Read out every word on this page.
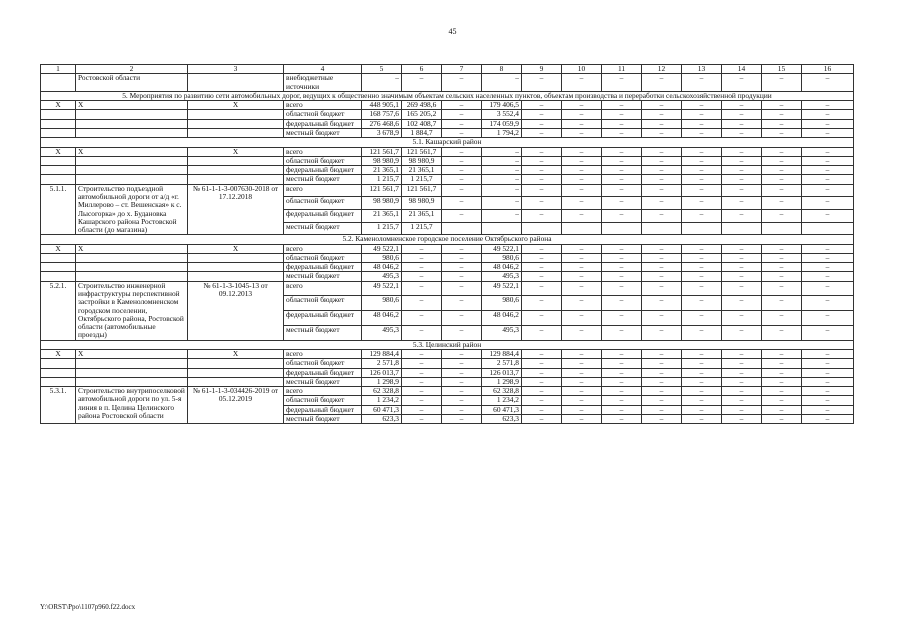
45
1	2	3	4	5	6	7	8	9	10	11	12	13	14	15	16
	Ростовской области		внебюджетные источники	–	–	–	–	–	–	–	–	–	–	–	–
5. Мероприятия по развитию сети автомобильных дорог, ведущих к общественно значимым объектам сельских населенных пунктов, объектам производства и переработки сельскохозяйственной продукции															
X	X	X	всего	448 905,1	269 498,6	–	179 406,5	–	–	–	–	–	–	–	–
			областной бюджет	168 757,6	165 205,2	–	3 552,4	–	–	–	–	–	–	–	–
			федеральный бюджет	276 468,6	102 408,7	–	174 059,9	–	–	–	–	–	–	–	–
			местный бюджет	3 678,9	1 884,7	–	1 794,2	–	–	–	–	–	–	–	–
5.1. Кашарский район															
X	X	X	всего	121 561,7	121 561,7	–	–	–	–	–	–	–	–	–	–
			областной бюджет	98 980,9	98 980,9	–	–	–	–	–	–	–	–	–	–
			федеральный бюджет	21 365,1	21 365,1	–	–	–	–	–	–	–	–	–	–
			местный бюджет	1 215,7	1 215,7	–	–	–	–	–	–	–	–	–	–
5.1.1.	Строительство подъездной автомобильной дороги от а/д «г. Миллерово – ст. Вешенская» к с. Лысогорка» до х. Будановка Кашарского района Ростовской области (до магазина)	№ 61-1-1-3-007630-2018 от 17.12.2018	всего	121 561,7	121 561,7	–	–	–	–	–	–	–	–	–	–
			областной бюджет	98 980,9	98 980,9	–	–	–	–	–	–	–	–	–	–
			федеральный бюджет	21 365,1	21 365,1	–	–	–	–	–	–	–	–	–	–
			местный бюджет	1 215,7	1 215,7										
5.2. Каменоломненское городское поселение Октябрьского района															
X	X	X	всего	49 522,1	–	–	49 522,1	–	–	–	–	–	–	–	–
			областной бюджет	980,6	–	–	980,6	–	–	–	–	–	–	–	–
			федеральный бюджет	48 046,2	–	–	48 046,2	–	–	–	–	–	–	–	–
			местный бюджет	495,3	–	–	495,3	–	–	–	–	–	–	–	–
5.2.1.	Строительство инженерной инфраструктуры перспективной застройки в Каменоломненском городском поселении, Октябрьского района, Ростовской области (автомобильные проезды)	№ 61-1-3-1045-13 от 09.12.2013	всего	49 522,1	–	–	49 522,1	–	–	–	–	–	–	–	–
			областной бюджет	980,6	–	–	980,6	–	–	–	–	–	–	–	–
			федеральный бюджет	48 046,2	–	–	48 046,2	–	–	–	–	–	–	–	–
			местный бюджет	495,3	–	–	495,3	–	–	–	–	–	–	–	–
5.3. Целинский район															
X	X	X	всего	129 884,4	–	–	129 884,4	–	–	–	–	–	–	–	–
			областной бюджет	2 571,8	–	–	2 571,8	–	–	–	–	–	–	–	–
			федеральный бюджет	126 013,7	–	–	126 013,7	–	–	–	–	–	–	–	–
			местный бюджет	1 298,9	–	–	1 298,9	–	–	–	–	–	–	–	–
5.3.1.	Строительство внутрипоселковой автомобильной дороги по ул. 5-я линия в п. Целина Целинского района Ростовской области	№ 61-1-1-3-034426-2019 от 05.12.2019	всего	62 328,8	–	–	62 328,8	–	–	–	–	–	–	–	–
			областной бюджет	1 234,2	–	–	1 234,2	–	–	–	–	–	–	–	–
			федеральный бюджет	60 471,3	–	–	60 471,3	–	–	–	–	–	–	–	–
			местный бюджет	623,3	–	–	623,3	–	–	–	–	–	–	–	–
Y:\ORST\Ppo\1107p960.f22.docx
